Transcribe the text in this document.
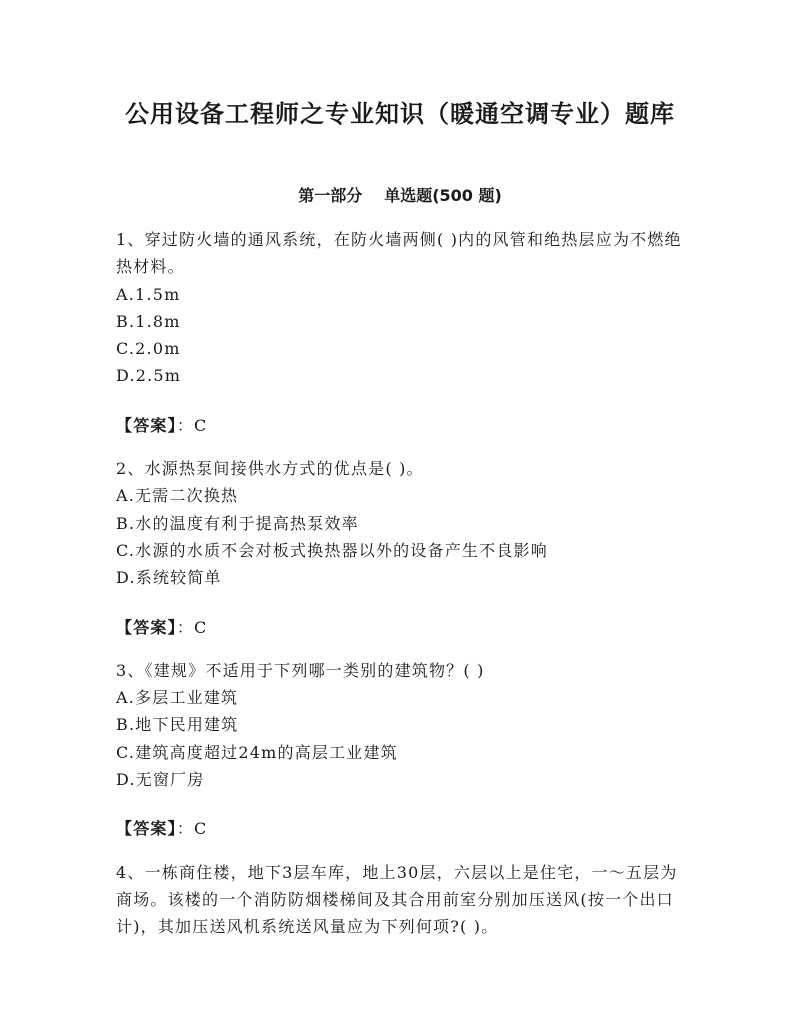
公用设备工程师之专业知识（暖通空调专业）题库
第一部分 单选题(500 题)
1、穿过防火墙的通风系统，在防火墙两侧( )内的风管和绝热层应为不燃绝热材料。
A.1.5m
B.1.8m
C.2.0m
D.2.5m
【答案】：C
2、水源热泵间接供水方式的优点是( )。
A.无需二次换热
B.水的温度有利于提高热泵效率
C.水源的水质不会对板式换热器以外的设备产生不良影响
D.系统较简单
【答案】：C
3、《建规》不适用于下列哪一类别的建筑物？( )
A.多层工业建筑
B.地下民用建筑
C.建筑高度超过24m的高层工业建筑
D.无窗厂房
【答案】：C
4、一栋商住楼，地下3层车库，地上30层，六层以上是住宅，一～五层为商场。该楼的一个消防防烟楼梯间及其合用前室分别加压送风(按一个出口计)，其加压送风机系统送风量应为下列何项?( )。
